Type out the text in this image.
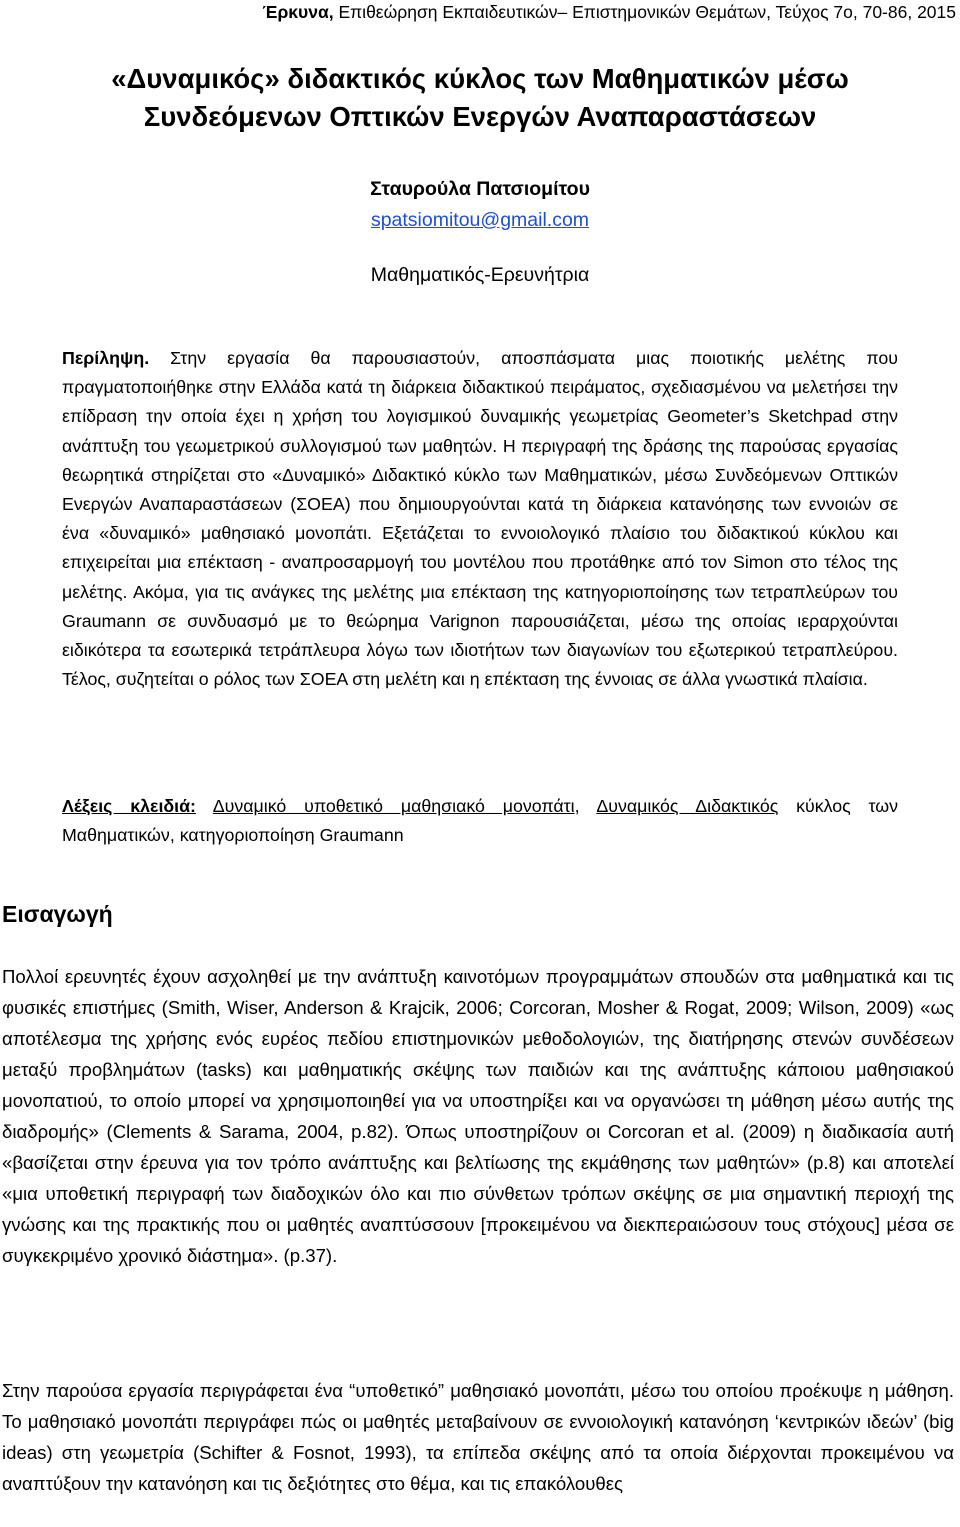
Έρκυνα, Επιθεώρηση Εκπαιδευτικών– Επιστημονικών Θεμάτων, Τεύχος 7ο, 70-86, 2015
«Δυναμικός» διδακτικός κύκλος των Μαθηματικών μέσω
Συνδεόμενων Οπτικών Ενεργών Αναπαραστάσεων
Σταυρούλα Πατσιομίτου
spatsiomitou@gmail.com
Μαθηματικός-Ερευνήτρια

Περίληψη. Στην εργασία θα παρουσιαστούν, αποσπάσματα μιας ποιοτικής μελέτης που πραγματοποιήθηκε στην Ελλάδα κατά τη διάρκεια διδακτικού πειράματος, σχεδιασμένου να μελετήσει την επίδραση την οποία έχει η χρήση του λογισμικού δυναμικής γεωμετρίας Geometer’s Sketchpad στην ανάπτυξη του γεωμετρικού συλλογισμού των μαθητών. Η περιγραφή της δράσης της παρούσας εργασίας θεωρητικά στηρίζεται στο «Δυναμικό» Διδακτικό κύκλο των Μαθηματικών, μέσω Συνδεόμενων Οπτικών Ενεργών Αναπαραστάσεων (ΣΟΕΑ) που δημιουργούνται κατά τη διάρκεια κατανόησης των εννοιών σε ένα «δυναμικό» μαθησιακό μονοπάτι. Εξετάζεται το εννοιολογικό πλαίσιο του διδακτικού κύκλου και επιχειρείται μια επέκταση - αναπροσαρμογή του μοντέλου που προτάθηκε από τον Simon στο τέλος της μελέτης. Ακόμα, για τις ανάγκες της μελέτης μια επέκταση της κατηγοριοποίησης των τετραπλεύρων του Graumann σε συνδυασμό με το θεώρημα Varignon παρουσιάζεται, μέσω της οποίας ιεραρχούνται ειδικότερα τα εσωτερικά τετράπλευρα λόγω των ιδιοτήτων των διαγωνίων του εξωτερικού τετραπλεύρου. Τέλος, συζητείται ο ρόλος των ΣΟΕΑ στη μελέτη και η επέκταση της έννοιας σε άλλα γνωστικά πλαίσια.

Λέξεις κλειδιά: Δυναμικό υποθετικό μαθησιακό μονοπάτι, Δυναμικός Διδακτικός κύκλος των Μαθηματικών, κατηγοριοποίηση Graumann

Εισαγωγή

Πολλοί ερευνητές έχουν ασχοληθεί με την ανάπτυξη καινοτόμων προγραμμάτων σπουδών στα μαθηματικά και τις φυσικές επιστήμες (Smith, Wiser, Anderson & Krajcik, 2006; Corcoran, Mosher & Rogat, 2009; Wilson, 2009) «ως αποτέλεσμα της χρήσης ενός ευρέος πεδίου επιστημονικών μεθοδολογιών, της διατήρησης στενών συνδέσεων μεταξύ προβλημάτων (tasks) και μαθηματικής σκέψης των παιδιών και της ανάπτυξης κάποιου μαθησιακού μονοπατιού, το οποίο μπορεί να χρησιμοποιηθεί για να υποστηρίξει και να οργανώσει τη μάθηση μέσω αυτής της διαδρομής» (Clements & Sarama, 2004, p.82). Όπως υποστηρίζουν οι Corcoran et al. (2009) η διαδικασία αυτή «βασίζεται στην έρευνα για τον τρόπο ανάπτυξης και βελτίωσης της εκμάθησης των μαθητών» (p.8) και αποτελεί «μια υποθετική περιγραφή των διαδοχικών όλο και πιο σύνθετων τρόπων σκέψης σε μια σημαντική περιοχή της γνώσης και της πρακτικής που οι μαθητές αναπτύσσουν [προκειμένου να διεκπεραιώσουν τους στόχους] μέσα σε συγκεκριμένο χρονικό διάστημα». (p.37).

Στην παρούσα εργασία περιγράφεται ένα “υποθετικό” μαθησιακό μονοπάτι, μέσω του οποίου προέκυψε η μάθηση. Το μαθησιακό μονοπάτι περιγράφει πώς οι μαθητές μεταβαίνουν σε εννοιολογική κατανόηση ‘κεντρικών ιδεών’ (big ideas) στη γεωμετρία (Schifter & Fosnot, 1993), τα επίπεδα σκέψης από τα οποία διέρχονται προκειμένου να αναπτύξουν την κατανόηση και τις δεξιότητες στο θέμα, και τις επακόλουθες
